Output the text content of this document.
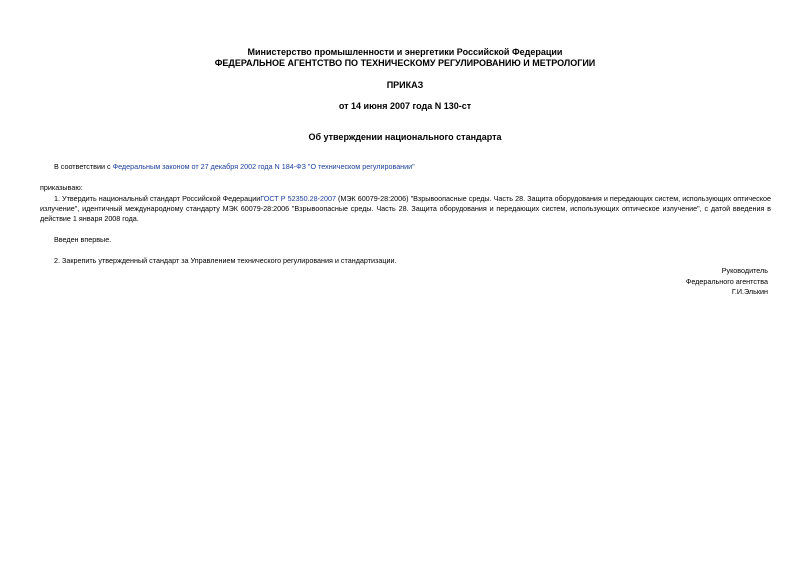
Министерство промышленности и энергетики Российской Федерации
ФЕДЕРАЛЬНОЕ АГЕНТСТВО ПО ТЕХНИЧЕСКОМУ РЕГУЛИРОВАНИЮ И МЕТРОЛОГИИ
ПРИКАЗ
от 14 июня 2007 года N 130-ст
Об утверждении национального стандарта
В соответствии с Федеральным законом от 27 декабря 2002 года N 184-ФЗ "О техническом регулировании"
приказываю:
1. Утвердить национальный стандарт Российской ФедерацииГОСТ Р 52350.28-2007 (МЭК 60079-28:2006) "Взрывоопасные среды. Часть 28. Защита оборудования и передающих систем, использующих оптическое излучение", идентичный международному стандарту МЭК 60079-28:2006 "Взрывоопасные среды. Часть 28. Защита оборудования и передающих систем, использующих оптическое излучение", с датой введения в действие 1 января 2008 года.
Введен впервые.
2. Закрепить утвержденный стандарт за Управлением технического регулирования и стандартизации.
Руководитель
Федерального агентства
Г.И.Элькин
